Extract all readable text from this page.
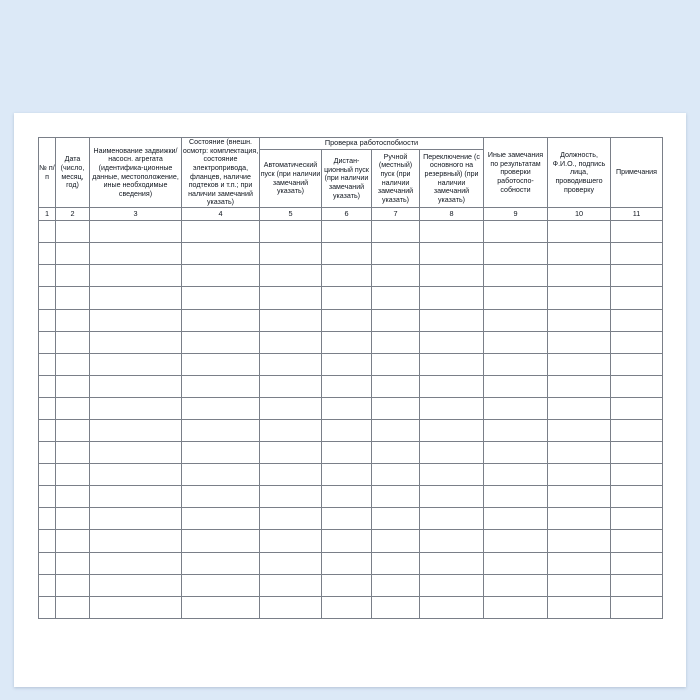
№ п/п	Дата (число, месяц, год)	Наименование задвижки/ насосн. агрегата (идентифика-ционные данные, местоположение, иные необходимые сведения)	Состояние (внешн. осмотр: комплектация, состояние электропривода, фланцев, наличие подтеков и т.п.; при наличии замечаний указать)	Проверка работоспобиости				Иные замечания по результатам проверки работоспо-собности	Должность, Ф.И.О., подпись лица, проводившего проверку	Примечания
				Автоматический пуск (при наличии замечаний указать)	Дистан-ционный пуск (при наличии замечаний указать)	Ручной (местный) пуск (при наличии замечаний указать)	Переключение (с основного на резервный) (при наличии замечаний указать)			
1	2	3	4	5	6	7	8	9	10	11
